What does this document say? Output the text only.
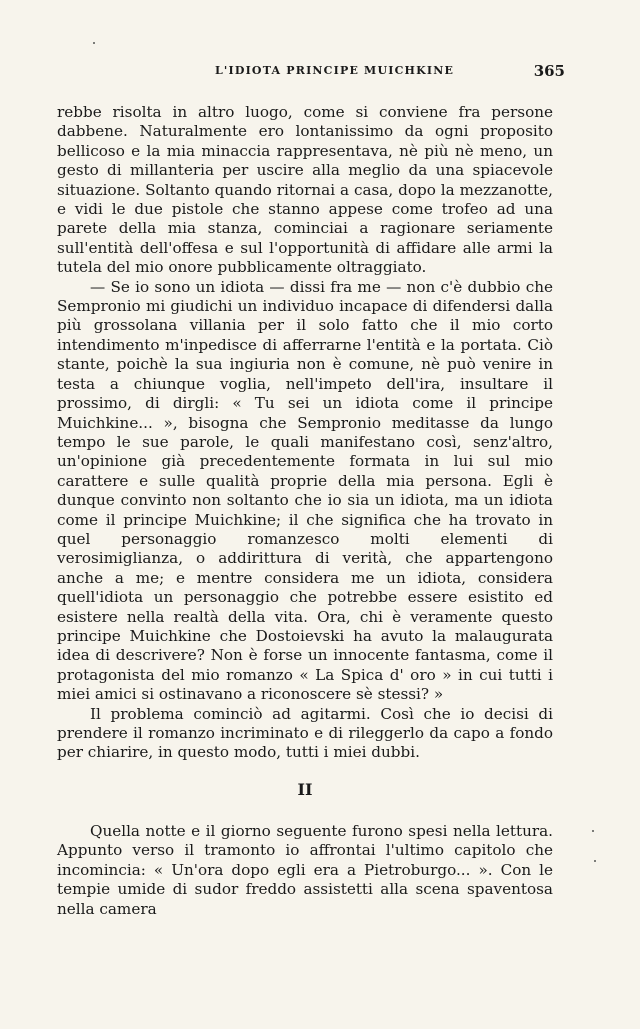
L'IDIOTA PRINCIPE MUICHKINE	365

rebbe risolta in altro luogo, come si conviene fra persone dabbene. Naturalmente ero lontanissimo da ogni proposito bellicoso e la mia minaccia rappresentava, nè più nè meno, un gesto di millanteria per uscire alla meglio da una spiacevole situazione. Soltanto quando ritornai a casa, dopo la mezzanotte, e vidi le due pistole che stanno appese come trofeo ad una parete della mia stanza, cominciai a ragionare seriamente sull'entità dell'offesa e sul l'opportunità di affidare alle armi la tutela del mio onore pubblicamente oltraggiato.

— Se io sono un idiota — dissi fra me — non c'è dubbio che Sempronio mi giudichi un individuo incapace di difendersi dalla più grossolana villania per il solo fatto che il mio corto intendimento m'inpedisce di afferrarne l'entità e la portata. Ciò stante, poichè la sua ingiuria non è comune, nè può venire in testa a chiunque voglia, nell'impeto dell'ira, insultare il prossimo, di dirgli: « Tu sei un idiota come il principe Muichkine... », bisogna che Sempronio meditasse da lungo tempo le sue parole, le quali manifestano così, senz'altro, un'opinione già precedentemente formata in lui sul mio carattere e sulle qualità proprie della mia persona. Egli è dunque convinto non soltanto che io sia un idiota, ma un idiota come il principe Muichkine; il che significa che ha trovato in quel personaggio romanzesco molti elementi di verosimiglianza, o addirittura di verità, che appartengono anche a me; e mentre considera me un idiota, considera quell'idiota un personaggio che potrebbe essere esistito ed esistere nella realtà della vita. Ora, chi è veramente questo principe Muichkine che Dostoievski ha avuto la malaugurata idea di descrivere? Non è forse un innocente fantasma, come il protagonista del mio romanzo « La Spica d' oro » in cui tutti i miei amici si ostinavano a riconoscere sè stessi? »

Il problema cominciò ad agitarmi. Così che io decisi di prendere il romanzo incriminato e di rileggerlo da capo a fondo per chiarire, in questo modo, tutti i miei dubbi.

II

Quella notte e il giorno seguente furono spesi nella lettura. Appunto verso il tramonto io affrontai l'ultimo capitolo che incomincia: « Un'ora dopo egli era a Pietroburgo... ». Con le tempie umide di sudor freddo assistetti alla scena spaventosa nella camera
